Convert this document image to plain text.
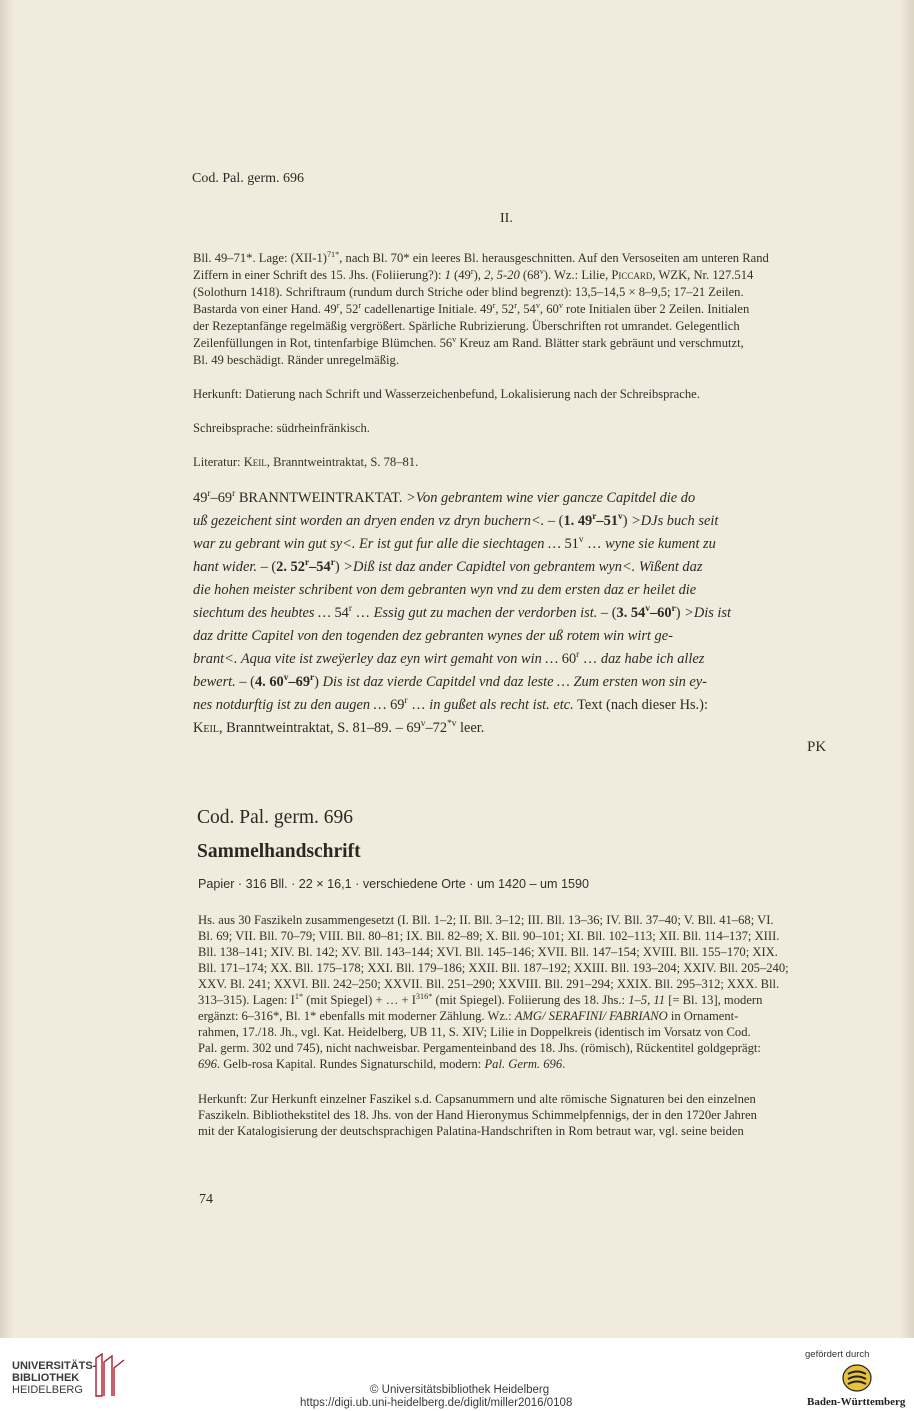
Cod. Pal. germ. 696
II.
Bll. 49–71*. Lage: $(XII-1)^{71*}$, nach Bl. 70* ein leeres Bl. herausgeschnitten. Auf den Versoseiten am unteren Rand
Ziffern in einer Schrift des 15. Jhs. (Foliierung?): 1 (49$^r$), 2, 5-20 (68$^v$). Wz.: Lilie, Piccard, WZK, Nr. 127.514
(Solothurn 1418). Schriftraum (rundum durch Striche oder blind begrenzt): 13,5–14,5 × 8–9,5; 17–21 Zeilen.
Bastarda von einer Hand. 49$^r$, 52$^r$ cadellenartige Initiale. 49$^r$, 52$^r$, 54$^v$, 60$^v$ rote Initialen über 2 Zeilen. Initialen
der Rezeptanfänge regelmäßig vergrößert. Spärliche Rubrizierung. Überschriften rot umrandet. Gelegentlich
Zeilenfüllungen in Rot, tintenfarbige Blümchen. 56$^v$ Kreuz am Rand. Blätter stark gebräunt und verschmutzt,
Bl. 49 beschädigt. Ränder unregelmäßig.
Herkunft: Datierung nach Schrift und Wasserzeichenbefund, Lokalisierung nach der Schreibsprache.
Schreibsprache: südrheinfränkisch.
Literatur: Keil, Branntweintraktat, S. 78–81.
49$^r$–69$^r$ BRANNTWEINTRAKTAT. >Von gebrantem wine vier gancze Capitdel die do
uß gezeichent sint worden an dryen enden vz dryn buchern<. – (1. $49^r-51^v) >DJs$ buch seit
war zu gebrant win gut sy<. Er ist gut fur alle die siechtagen … 51$^v$ … wyne sie kument zu
hant wider. – (2. $52^r-54^r$) >Diß ist daz ander Capidtel von gebrantem wyn<. Wißent daz
die hohen meister schribent von dem gebranten wyn vnd zu dem ersten daz er heilet die
siechtum des heubtes … 54$^r$ … Essig gut zu machen der verdorben ist. – (3. $54^v-60^r) >Dis$ ist
daz dritte Capitel von den togenden dez gebranten wynes der uß rotem win wirt ge-
brant<. Aqua vite ist zweÿerley daz eyn wirt gemaht von win … 60$^r$ … daz habe ich allez
bewert. – (4. 60$^v$–69$^r$) Dis ist daz vierde Capitdel vnd daz leste … Zum ersten won sin ey-
nes notdurftig ist zu den augen … 69$^r$ … in gußet als recht ist. etc. Text (nach dieser Hs.):
Keil, Branntweintraktat, S. 81–89. – 69$^v$–72$^{*v}$ leer.
PK
Cod. Pal. germ. 696
Sammelhandschrift
Papier · 316 Bll. · 22 × 16,1 · verschiedene Orte · um 1420 – um 1590
Hs. aus 30 Faszikeln zusammengesetzt (I. Bll. 1–2; II. Bll. 3–12; III. Bll. 13–36; IV. Bll. 37–40; V. Bll. 41–68; VI.
Bl. 69; VII. Bll. 70–79; VIII. Bll. 80–81; IX. Bll. 82–89; X. Bll. 90–101; XI. Bll. 102–113; XII. Bll. 114–137; XIII.
Bll. 138–141; XIV. Bl. 142; XV. Bll. 143–144; XVI. Bll. 145–146; XVII. Bll. 147–154; XVIII. Bll. 155–170; XIX.
Bll. 171–174; XX. Bll. 175–178; XXI. Bll. 179–186; XXII. Bll. 187–192; XXIII. Bll. 193–204; XXIV. Bll. 205–240;
XXV. Bl. 241; XXVI. Bll. 242–250; XXVII. Bll. 251–290; XXVIII. Bll. 291–294; XXIX. Bll. 295–312; XXX. Bll.
313–315). Lagen: $I^{1*}$ (mit Spiegel) + … + $I^{316*}$ (mit Spiegel). Foliierung des 18. Jhs.: 1–5, 11 [= Bl. 13], modern
ergänzt: 6–316*, Bl. 1* ebenfalls mit moderner Zählung. Wz.: AMG/ SERAFINI/ FABRIANO in Ornament-
rahmen, 17./18. Jh., vgl. Kat. Heidelberg, UB 11, S. XIV; Lilie in Doppelkreis (identisch im Vorsatz von Cod.
Pal. germ. 302 und 745), nicht nachweisbar. Pergamenteinband des 18. Jhs. (römisch), Rückentitel goldgeprägt:
696. Gelb-rosa Kapital. Rundes Signaturschild, modern: Pal. Germ. 696.
Herkunft: Zur Herkunft einzelner Faszikel s.d. Capsanummern und alte römische Signaturen bei den einzelnen
Faszikeln. Bibliothekstitel des 18. Jhs. von der Hand Hieronymus Schimmelpfennigs, der in den 1720er Jahren
mit der Katalogisierung der deutschsprachigen Palatina-Handschriften in Rom betraut war, vgl. seine beiden
74
UNIVERSITÄTS-
BIBLIOTHEK
HEIDELBERG	© Universitätsbibliothek Heidelberg
https://digi.ub.uni-heidelberg.de/diglit/miller2016/0108
gefördert durch
Baden-Württemberg
